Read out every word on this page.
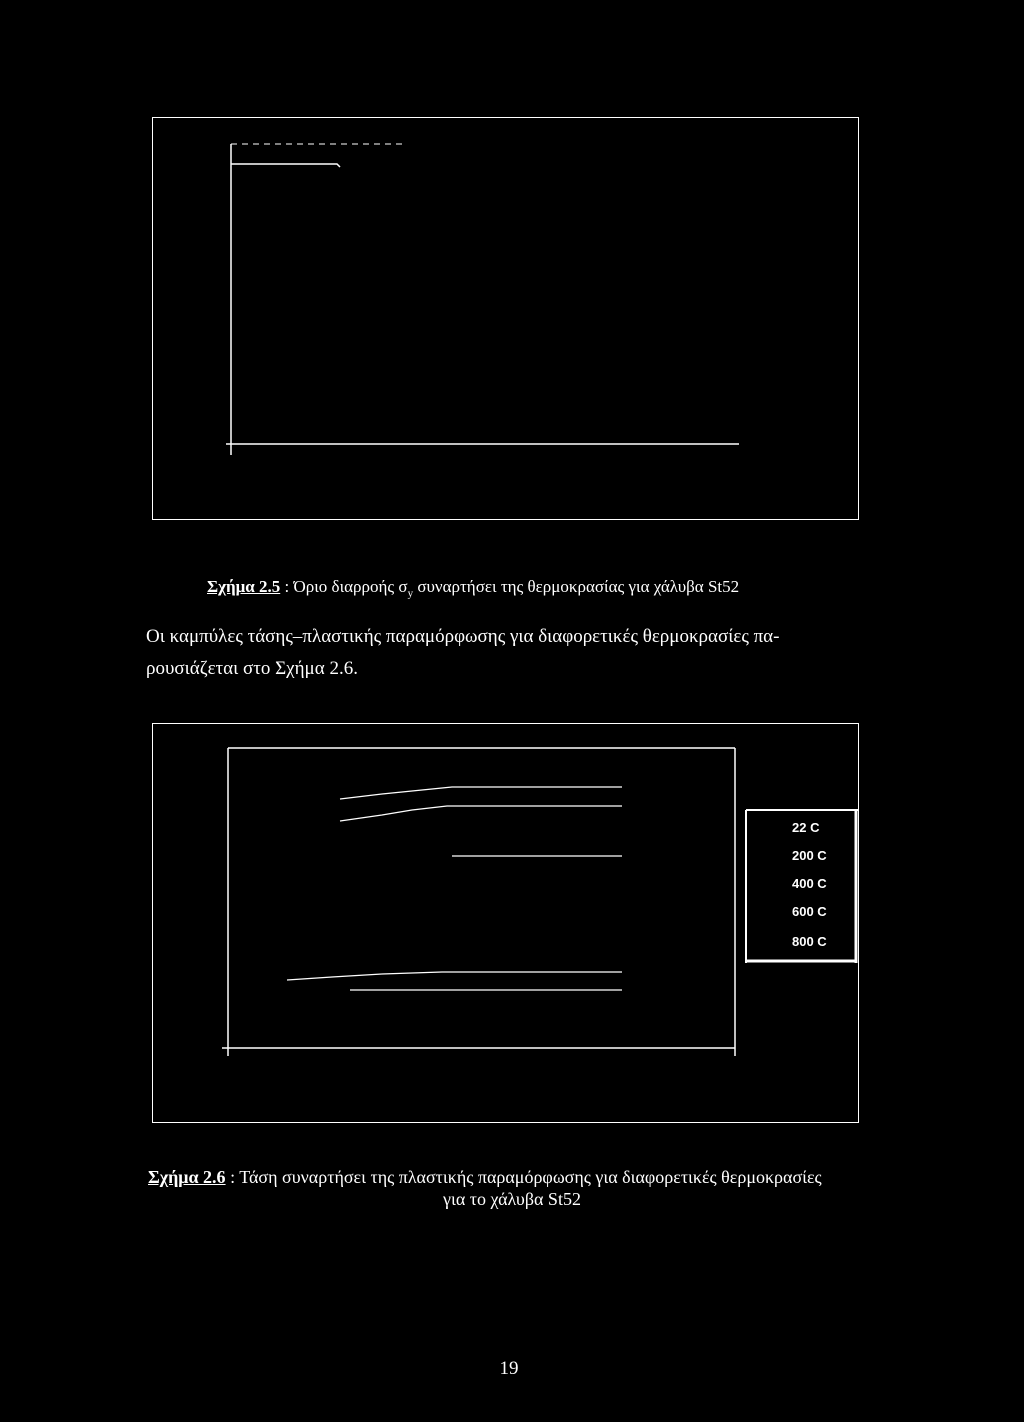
Σχήμα 2.5 : Όριο διαρροής $\sigma_y$ συναρτήσει της θερμοκρασίας για χάλυβα St52
Οι καμπύλες τάσης–πλαστικής παραμόρφωσης για διαφορετικές θερμοκρασίες πα-
ρουσιάζεται στο Σχήμα 2.6.
22 C
200 C
400 C
600 C
800 C
Σχήμα 2.6 : Τάση συναρτήσει της πλαστικής παραμόρφωσης για διαφορετικές θερμοκρασίες
για το χάλυβα St52
19
